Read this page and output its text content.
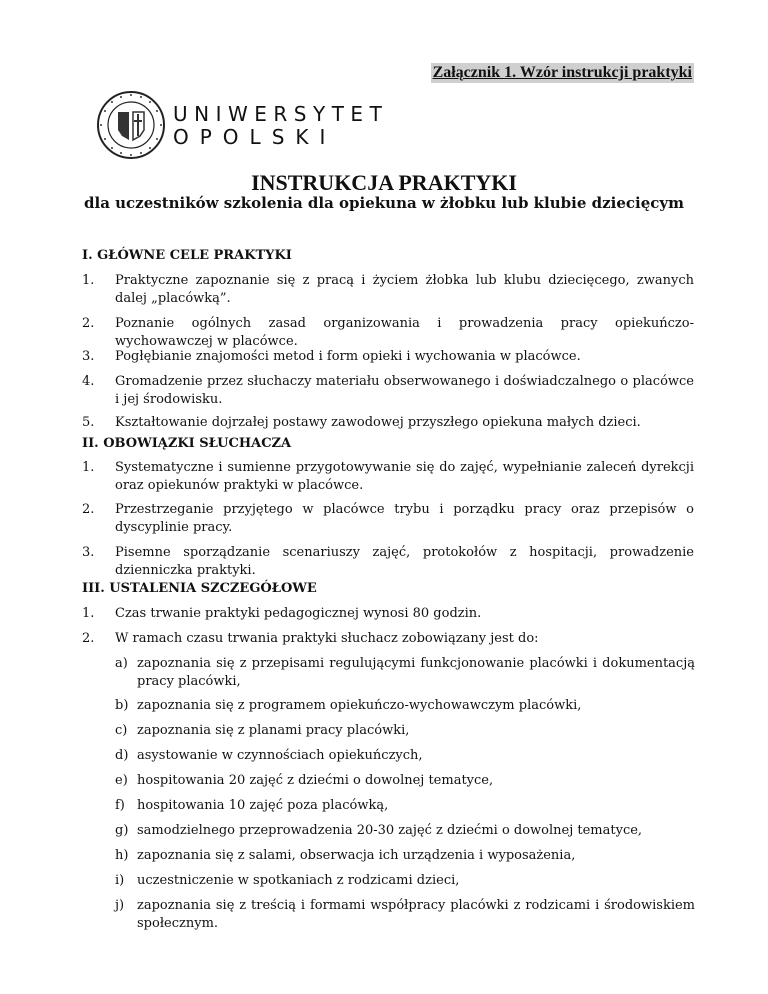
Załącznik 1. Wzór instrukcji praktyki
UNIWERSYTET
OPOLSKI
INSTRUKCJA PRAKTYKI
dla uczestników szkolenia dla opiekuna w żłobku lub klubie dziecięcym
I. GŁÓWNE CELE PRAKTYKI
1. Praktyczne zapoznanie się z pracą i życiem żłobka lub klubu dziecięcego, zwanych dalej „placówką”.
2. Poznanie ogólnych zasad organizowania i prowadzenia pracy opiekuńczo-wychowawczej w placówce.
3. Pogłębianie znajomości metod i form opieki i wychowania w placówce.
4. Gromadzenie przez słuchaczy materiału obserwowanego i doświadczalnego o placówce i jej środowisku.
5. Kształtowanie dojrzałej postawy zawodowej przyszłego opiekuna małych dzieci.
II. OBOWIĄZKI SŁUCHACZA
1. Systematyczne i sumienne przygotowywanie się do zajęć, wypełnianie zaleceń dyrekcji oraz opiekunów praktyki w placówce.
2. Przestrzeganie przyjętego w placówce trybu i porządku pracy oraz przepisów o dyscyplinie pracy.
3. Pisemne sporządzanie scenariuszy zajęć, protokołów z hospitacji, prowadzenie dzienniczka praktyki.
III. USTALENIA SZCZEGÓŁOWE
1. Czas trwanie praktyki pedagogicznej wynosi 80 godzin.
2. W ramach czasu trwania praktyki słuchacz zobowiązany jest do:
a) zapoznania się z przepisami regulującymi funkcjonowanie placówki i dokumentacją pracy placówki,
b) zapoznania się z programem opiekuńczo-wychowawczym placówki,
c) zapoznania się z planami pracy placówki,
d) asystowanie w czynnościach opiekuńczych,
e) hospitowania 20 zajęć z dziećmi o dowolnej tematyce,
f) hospitowania 10 zajęć poza placówką,
g) samodzielnego przeprowadzenia 20-30 zajęć z dziećmi o dowolnej tematyce,
h) zapoznania się z salami, obserwacja ich urządzenia i wyposażenia,
i) uczestniczenie w spotkaniach z rodzicami dzieci,
j) zapoznania się z treścią i formami współpracy placówki z rodzicami i środowiskiem społecznym.
